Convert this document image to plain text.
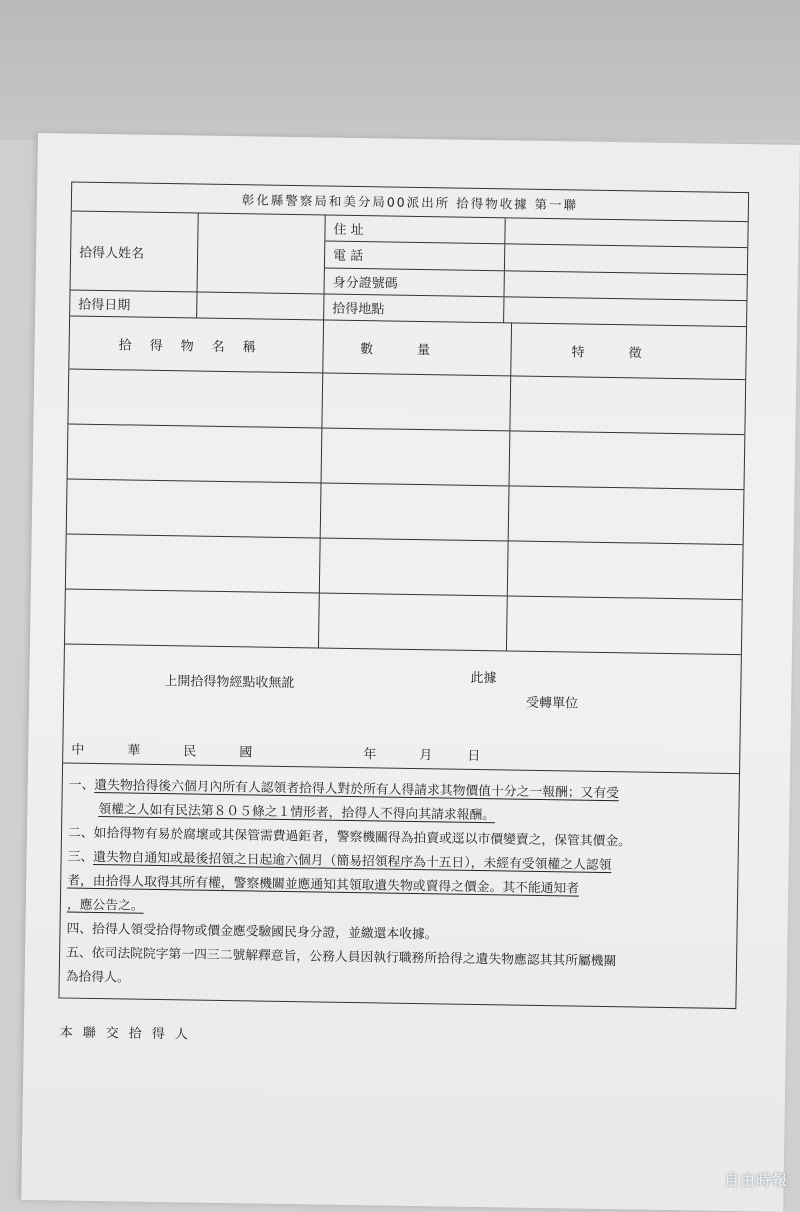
彰化縣警察局和美分局00派出所 拾得物收據 第一聯
拾得人姓名
住 址
電 話
身分證號碼
拾得日期	拾得地點
拾得物名稱	數量	特徵
上開拾得物經點收無訛	此據
受轉單位
中	華	民	國	年	月	日

一、遺失物拾得後六個月內所有人認領者拾得人對於所有人得請求其物價值十分之一報酬；又有受

領權之人如有民法第８０５條之１情形者，拾得人不得向其請求報酬。

二、如拾得物有易於腐壞或其保管需費過鉅者，警察機關得為拍賣或逕以市價變賣之，保管其價金。

三、遺失物自通知或最後招領之日起逾六個月（簡易招領程序為十五日），未經有受領權之人認領

者，由拾得人取得其所有權，警察機關並應通知其領取遺失物或賣得之價金。其不能通知者

，應公告之。

四、拾得人領受拾得物或價金應受驗國民身分證，並繳還本收據。

五、依司法院院字第一四三二號解釋意旨，公務人員因執行職務所拾得之遺失物應認其其所屬機關

為拾得人。

本聯交拾得人
自由時報
